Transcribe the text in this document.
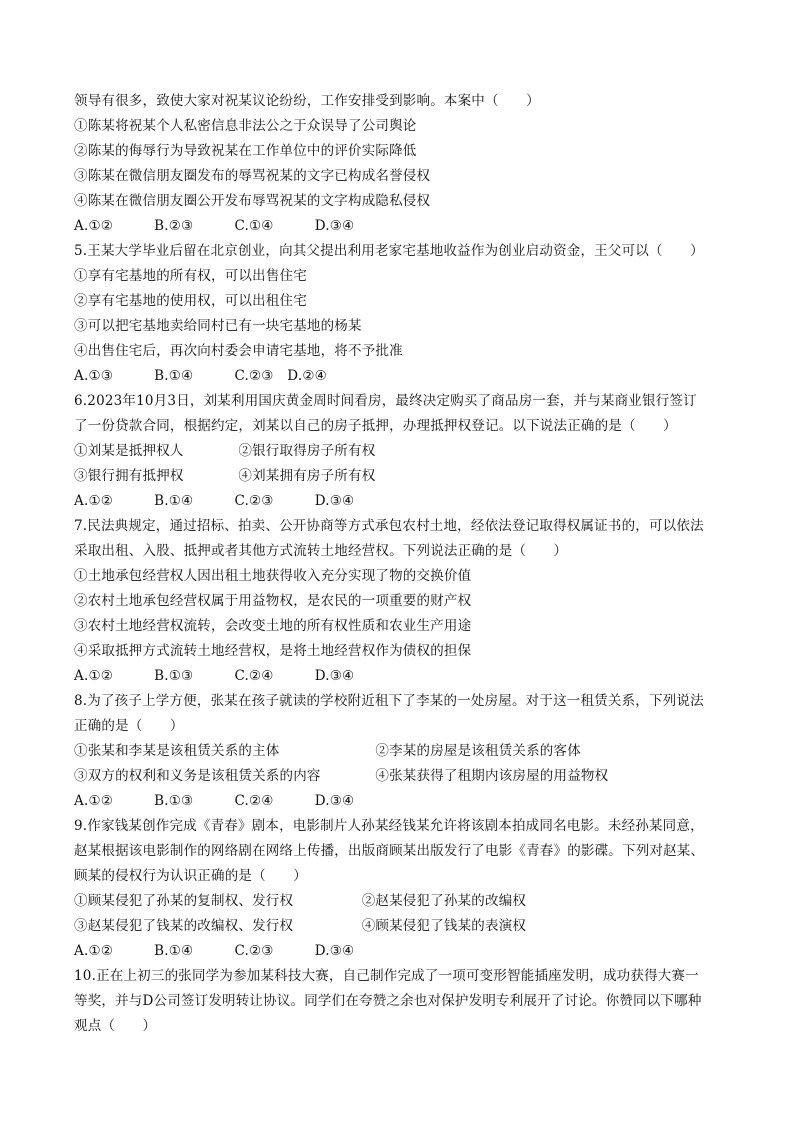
领导有很多，致使大家对祝某议论纷纷，工作安排受到影响。本案中（　　）
①陈某将祝某个人私密信息非法公之于众误导了公司舆论
②陈某的侮辱行为导致祝某在工作单位中的评价实际降低
③陈某在微信朋友圈发布的辱骂祝某的文字已构成名誉侵权
④陈某在微信朋友圈公开发布辱骂祝某的文字构成隐私侵权
A.①②　　　B.②③　　　C.①④　　　D.③④
5.王某大学毕业后留在北京创业，向其父提出利用老家宅基地收益作为创业启动资金，王父可以（　　）
①享有宅基地的所有权，可以出售住宅
②享有宅基地的使用权，可以出租住宅
③可以把宅基地卖给同村已有一块宅基地的杨某
④出售住宅后，再次向村委会申请宅基地，将不予批准
A.①③　　　B.①④　　　C.②③　D.②④
6.2023年10月3日，刘某利用国庆黄金周时间看房，最终决定购买了商品房一套，并与某商业银行签订
了一份贷款合同，根据约定，刘某以自己的房子抵押，办理抵押权登记。以下说法正确的是（　　）
①刘某是抵押权人　　　　②银行取得房子所有权
③银行拥有抵押权　　　　④刘某拥有房子所有权
A.①②　　　B.①④　　　C.②③　　　D.③④
7.民法典规定，通过招标、拍卖、公开协商等方式承包农村土地，经依法登记取得权属证书的，可以依法
采取出租、入股、抵押或者其他方式流转土地经营权。下列说法正确的是（　　）
①土地承包经营权人因出租土地获得收入充分实现了物的交换价值
②农村土地承包经营权属于用益物权，是农民的一项重要的财产权
③农村土地经营权流转，会改变土地的所有权性质和农业生产用途
④采取抵押方式流转土地经营权，是将土地经营权作为债权的担保
A.①②　　　B.①③　　　C.②④　　　D.③④
8.为了孩子上学方便，张某在孩子就读的学校附近租下了李某的一处房屋。对于这一租赁关系，下列说法
正确的是（　　）
①张某和李某是该租赁关系的主体　　　　　　　②李某的房屋是该租赁关系的客体
③双方的权利和义务是该租赁关系的内容　　　　④张某获得了租期内该房屋的用益物权
A.①②　　　B.①③　　　C.②④　　　D.③④
9.作家钱某创作完成《青春》剧本，电影制片人孙某经钱某允许将该剧本拍成同名电影。未经孙某同意，
赵某根据该电影制作的网络剧在网络上传播，出版商顾某出版发行了电影《青春》的影碟。下列对赵某、
顾某的侵权行为认识正确的是（　　）
①顾某侵犯了孙某的复制权、发行权　　　　　②赵某侵犯了孙某的改编权
③赵某侵犯了钱某的改编权、发行权　　　　　④顾某侵犯了钱某的表演权
A.①②　　　B.①④　　　C.②③　　　D.③④
10.正在上初三的张同学为参加某科技大赛，自己制作完成了一项可变形智能插座发明，成功获得大赛一
等奖，并与D公司签订发明转让协议。同学们在夸赞之余也对保护发明专利展开了讨论。你赞同以下哪种
观点（　　）
